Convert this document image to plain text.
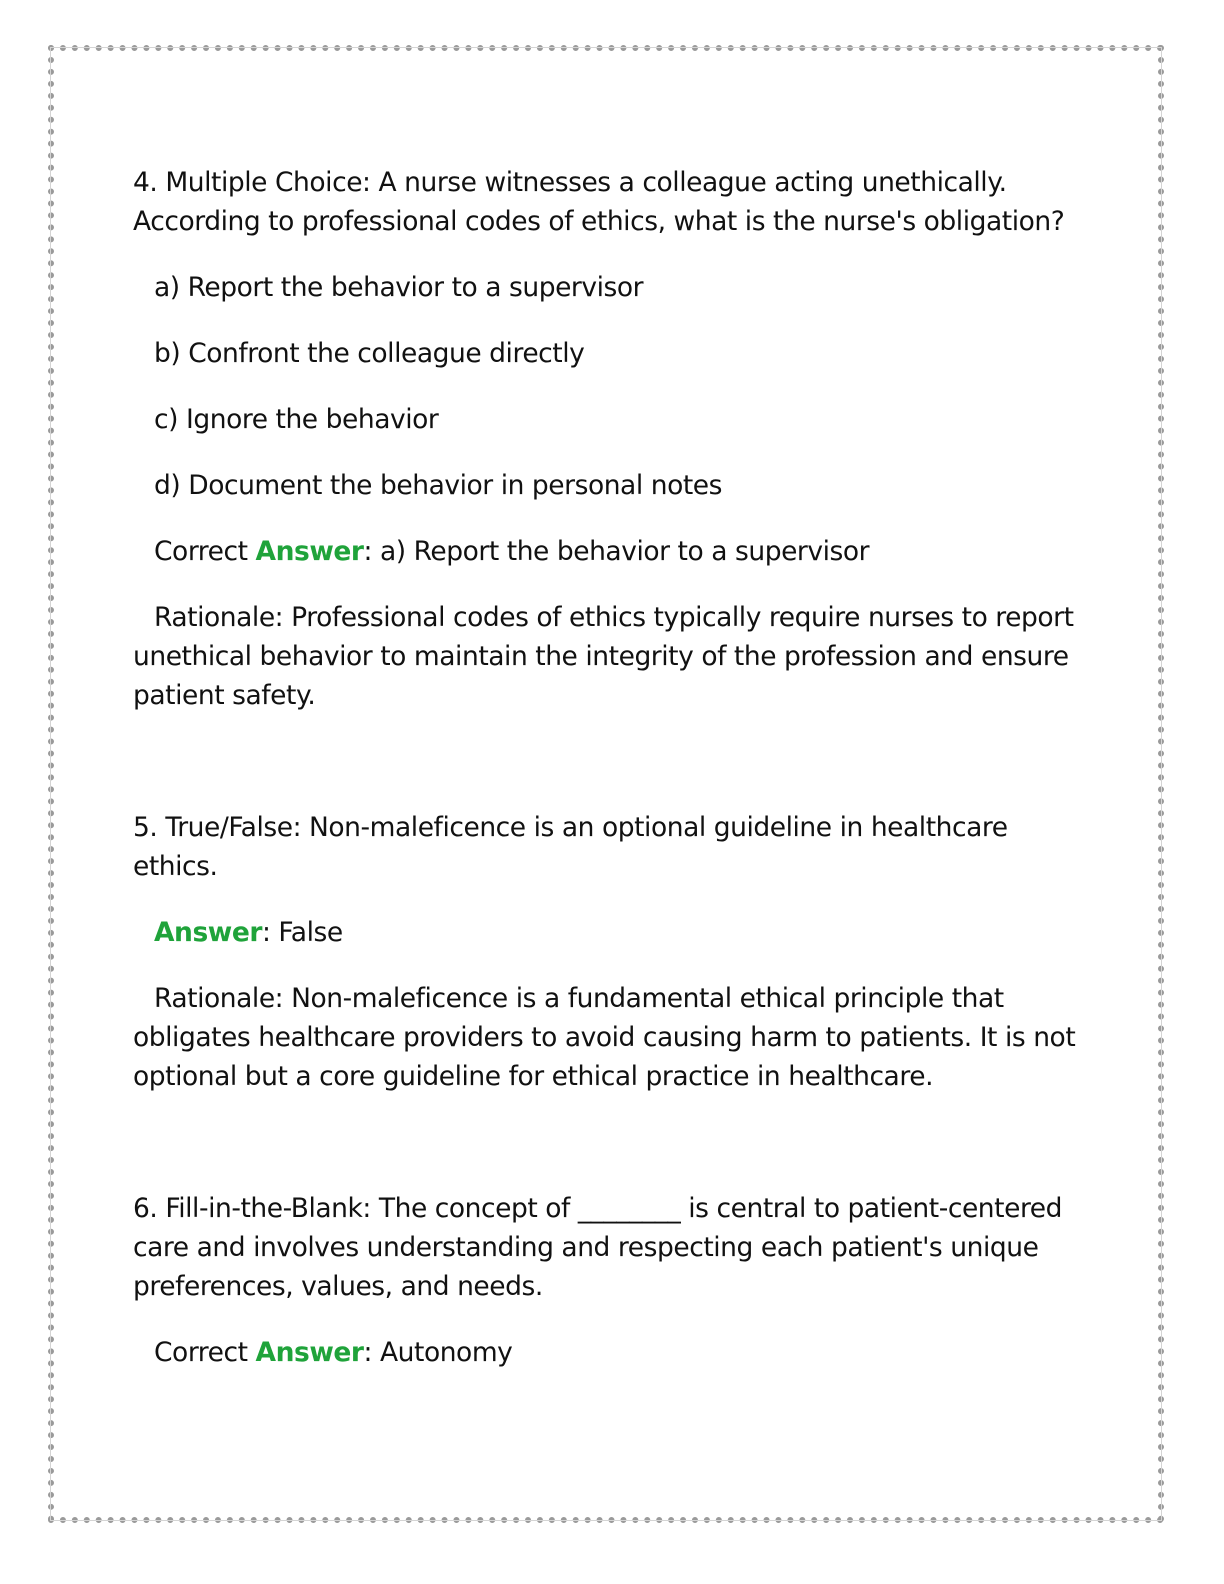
4. Multiple Choice: A nurse witnesses a colleague acting unethically. According to professional codes of ethics, what is the nurse's obligation?

a) Report the behavior to a supervisor

b) Confront the colleague directly

c) Ignore the behavior

d) Document the behavior in personal notes

Correct Answer: a) Report the behavior to a supervisor

Rationale: Professional codes of ethics typically require nurses to report unethical behavior to maintain the integrity of the profession and ensure patient safety.

5. True/False: Non-maleficence is an optional guideline in healthcare ethics.

Answer: False

Rationale: Non-maleficence is a fundamental ethical principle that obligates healthcare providers to avoid causing harm to patients. It is not optional but a core guideline for ethical practice in healthcare.

6. Fill-in-the-Blank: The concept of ________ is central to patient-centered care and involves understanding and respecting each patient's unique preferences, values, and needs.

Correct Answer: Autonomy
